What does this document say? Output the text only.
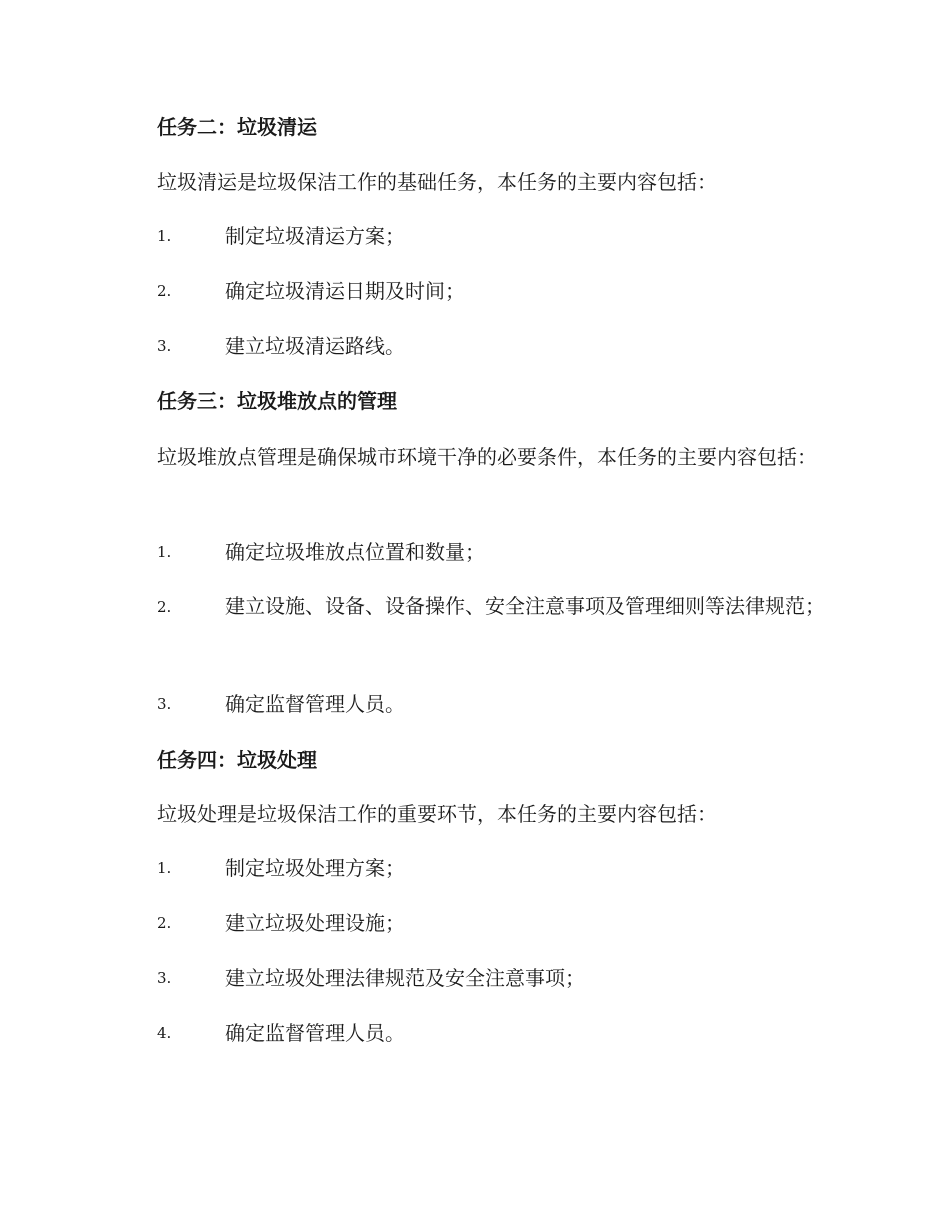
任务二：垃圾清运
垃圾清运是垃圾保洁工作的基础任务，本任务的主要内容包括：
1.	制定垃圾清运方案；
2.	确定垃圾清运日期及时间；
3.	建立垃圾清运路线。
任务三：垃圾堆放点的管理
垃圾堆放点管理是确保城市环境干净的必要条件，本任务的主要内容包括：
1.	确定垃圾堆放点位置和数量；
2.	建立设施、设备、设备操作、安全注意事项及管理细则等法律规范；
3.	确定监督管理人员。
任务四：垃圾处理
垃圾处理是垃圾保洁工作的重要环节，本任务的主要内容包括：
1.	制定垃圾处理方案；
2.	建立垃圾处理设施；
3.	建立垃圾处理法律规范及安全注意事项；
4.	确定监督管理人员。
